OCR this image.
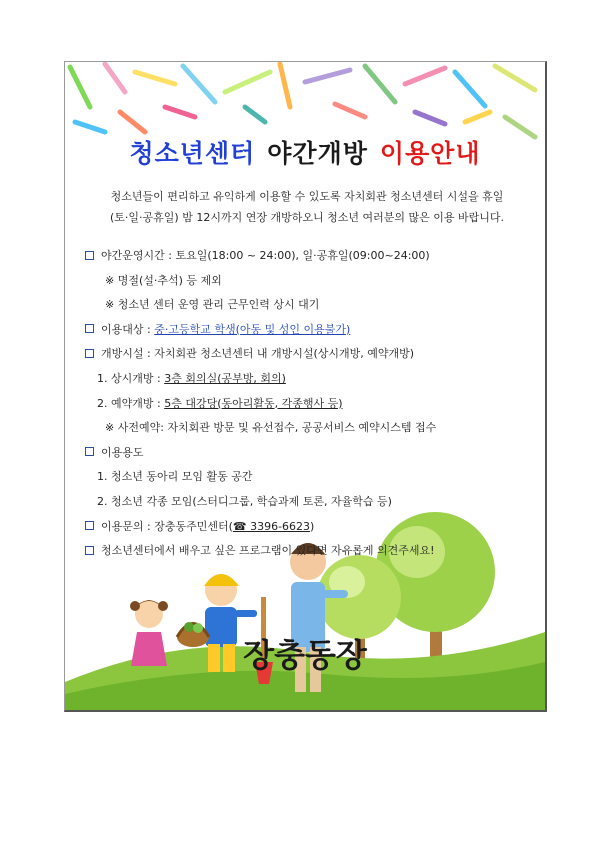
청소년센터 야간개방 이용안내
청소년들이 편리하고 유익하게 이용할 수 있도록 자치회관 청소년센터 시설을 휴일
(토·일·공휴일) 밤 12시까지 연장 개방하오니 청소년 여러분의 많은 이용 바랍니다.
야간운영시간 : 토요일(18:00 ~ 24:00), 일·공휴일(09:00~24:00)
※ 명절(설·추석) 등 제외
※ 청소년 센터 운영 관리 근무인력 상시 대기
이용대상 : 중·고등학교 학생(아동 및 성인 이용불가)
개방시설 : 자치회관 청소년센터 내 개방시설(상시개방, 예약개방)
1. 상시개방 : 3층 회의실(공부방, 회의)
2. 예약개방 : 5층 대강당(동아리활동, 각종행사 등)
※ 사전예약: 자치회관 방문 및 유선접수, 공공서비스 예약시스템 접수
이용용도
1. 청소년 동아리 모임 활동 공간
2. 청소년 각종 모임(스터디그룹, 학습과제 토론, 자율학습 등)
이용문의 : 장충동주민센터(☎ 3396-6623)
청소년센터에서 배우고 싶은 프로그램이 있다면 자유롭게 의견주세요!
장충동장
